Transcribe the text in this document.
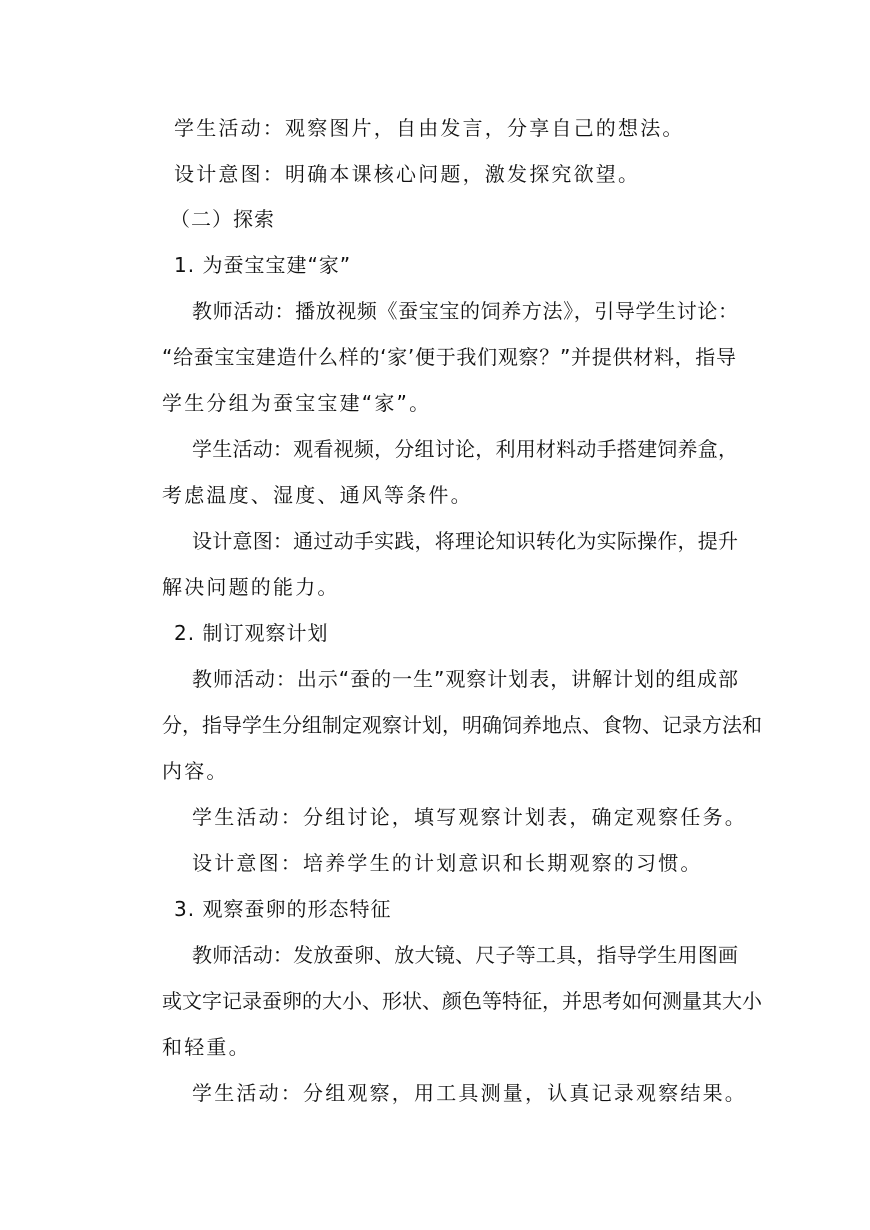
学生活动：观察图片，自由发言，分享自己的想法。
设计意图：明确本课核心问题，激发探究欲望。
（二）探索
1. 为蚕宝宝建“家”
教师活动：播放视频《蚕宝宝的饲养方法》，引导学生讨论：
“给蚕宝宝建造什么样的‘家’便于我们观察？”并提供材料，指导
学生分组为蚕宝宝建“家”。
学生活动：观看视频，分组讨论，利用材料动手搭建饲养盒，
考虑温度、湿度、通风等条件。
设计意图：通过动手实践，将理论知识转化为实际操作，提升
解决问题的能力。
2. 制订观察计划
教师活动：出示“蚕的一生”观察计划表，讲解计划的组成部
分，指导学生分组制定观察计划，明确饲养地点、食物、记录方法和
内容。
学生活动：分组讨论，填写观察计划表，确定观察任务。
设计意图：培养学生的计划意识和长期观察的习惯。
3. 观察蚕卵的形态特征
教师活动：发放蚕卵、放大镜、尺子等工具，指导学生用图画
或文字记录蚕卵的大小、形状、颜色等特征，并思考如何测量其大小
和轻重。
学生活动：分组观察，用工具测量，认真记录观察结果。
